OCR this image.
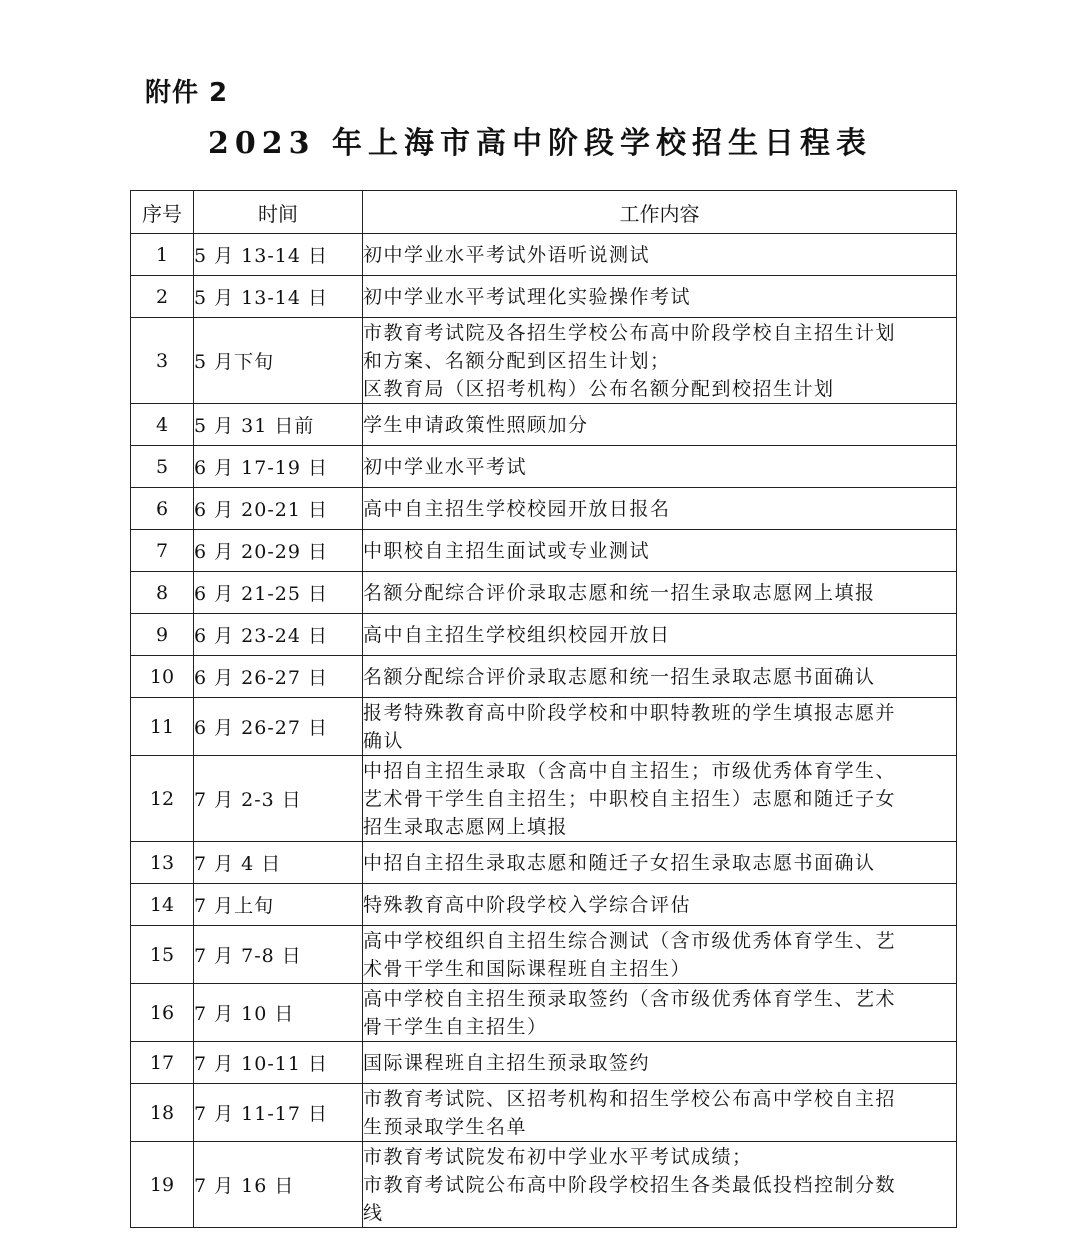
附件 2
2023 年上海市高中阶段学校招生日程表
序号	时间	工作内容
1	5 月 13-14 日	初中学业水平考试外语听说测试

2	5 月 13-14 日	初中学业水平考试理化实验操作考试

3	5 月下旬	市教育考试院及各招生学校公布高中阶段学校自主招生计划
和方案、名额分配到区招生计划；
区教育局（区招考机构）公布名额分配到校招生计划

4	5 月 31 日前	学生申请政策性照顾加分

5	6 月 17-19 日	初中学业水平考试

6	6 月 20-21 日	高中自主招生学校校园开放日报名

7	6 月 20-29 日	中职校自主招生面试或专业测试

8	6 月 21-25 日	名额分配综合评价录取志愿和统一招生录取志愿网上填报

9	6 月 23-24 日	高中自主招生学校组织校园开放日

10	6 月 26-27 日	名额分配综合评价录取志愿和统一招生录取志愿书面确认

11	6 月 26-27 日	报考特殊教育高中阶段学校和中职特教班的学生填报志愿并
确认

12	7 月 2-3 日	中招自主招生录取（含高中自主招生；市级优秀体育学生、
艺术骨干学生自主招生；中职校自主招生）志愿和随迁子女
招生录取志愿网上填报

13	7 月 4 日	中招自主招生录取志愿和随迁子女招生录取志愿书面确认

14	7 月上旬	特殊教育高中阶段学校入学综合评估

15	7 月 7-8 日	高中学校组织自主招生综合测试（含市级优秀体育学生、艺
术骨干学生和国际课程班自主招生）

16	7 月 10 日	高中学校自主招生预录取签约（含市级优秀体育学生、艺术
骨干学生自主招生）

17	7 月 10-11 日	国际课程班自主招生预录取签约

18	7 月 11-17 日	市教育考试院、区招考机构和招生学校公布高中学校自主招
生预录取学生名单

19	7 月 16 日	市教育考试院发布初中学业水平考试成绩；
市教育考试院公布高中阶段学校招生各类最低投档控制分数
线
